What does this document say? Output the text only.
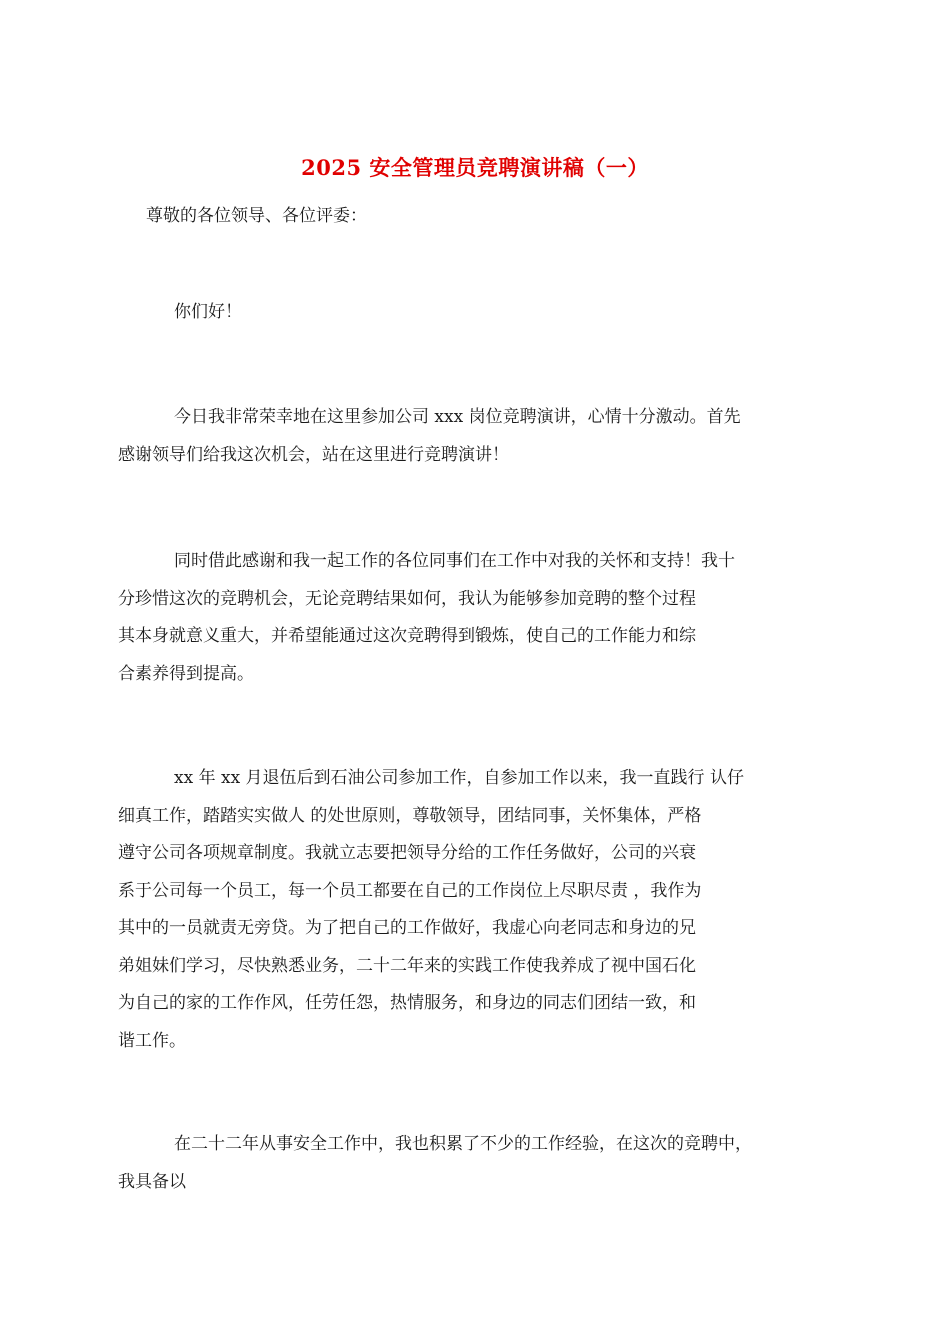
2025 安全管理员竞聘演讲稿（一）
尊敬的各位领导、各位评委：
你们好！
今日我非常荣幸地在这里参加公司 xxx 岗位竞聘演讲，心情十分激动。首先
感谢领导们给我这次机会，站在这里进行竞聘演讲！
同时借此感谢和我一起工作的各位同事们在工作中对我的关怀和支持！我十
分珍惜这次的竞聘机会，无论竞聘结果如何，我认为能够参加竞聘的整个过程
其本身就意义重大，并希望能通过这次竞聘得到锻炼，使自己的工作能力和综
合素养得到提高。
xx 年 xx 月退伍后到石油公司参加工作，自参加工作以来，我一直践行 认仔
细真工作，踏踏实实做人 的处世原则，尊敬领导，团结同事，关怀集体，严格
遵守公司各项规章制度。我就立志要把领导分给的工作任务做好，公司的兴衰
系于公司每一个员工，每一个员工都要在自己的工作岗位上尽职尽责 ，我作为
其中的一员就责无旁贷。为了把自己的工作做好，我虚心向老同志和身边的兄
弟姐妹们学习，尽快熟悉业务，二十二年来的实践工作使我养成了视中国石化
为自己的家的工作作风，任劳任怨，热情服务，和身边的同志们团结一致，和
谐工作。
在二十二年从事安全工作中，我也积累了不少的工作经验，在这次的竞聘中，
我具备以
